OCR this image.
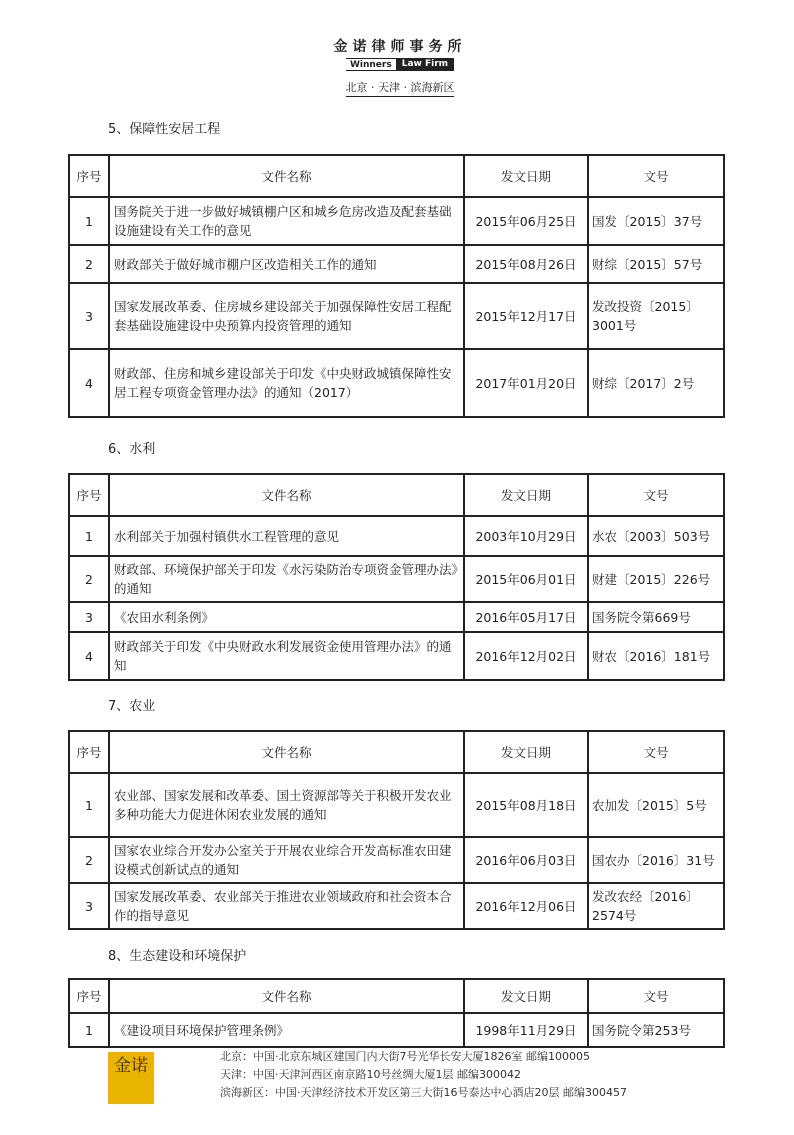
金诺律师事务所
Winners	Law Firm
北京 · 天津 · 滨海新区
5、保障性安居工程
序号	文件名称	发文日期	文号
1	国务院关于进一步做好城镇棚户区和城乡危房改造及配套基础设施建设有关工作的意见	2015年06月25日	国发〔2015〕37号
2	财政部关于做好城市棚户区改造相关工作的通知	2015年08月26日	财综〔2015〕57号
3	国家发展改革委、住房城乡建设部关于加强保障性安居工程配套基础设施建设中央预算内投资管理的通知	2015年12月17日	发改投资〔2015〕3001号
4	财政部、住房和城乡建设部关于印发《中央财政城镇保障性安居工程专项资金管理办法》的通知（2017）	2017年01月20日	财综〔2017〕2号
6、水利
序号	文件名称	发文日期	文号
1	水利部关于加强村镇供水工程管理的意见	2003年10月29日	水农〔2003〕503号
2	财政部、环境保护部关于印发《水污染防治专项资金管理办法》的通知	2015年06月01日	财建〔2015〕226号
3	《农田水利条例》	2016年05月17日	国务院令第669号
4	财政部关于印发《中央财政水利发展资金使用管理办法》的通知	2016年12月02日	财农〔2016〕181号
7、农业
序号	文件名称	发文日期	文号
1	农业部、国家发展和改革委、国土资源部等关于积极开发农业多种功能大力促进休闲农业发展的通知	2015年08月18日	农加发〔2015〕5号
2	国家农业综合开发办公室关于开展农业综合开发高标准农田建设模式创新试点的通知	2016年06月03日	国农办〔2016〕31号
3	国家发展改革委、农业部关于推进农业领域政府和社会资本合作的指导意见	2016年12月06日	发改农经〔2016〕2574号
8、生态建设和环境保护
序号	文件名称	发文日期	文号
1	《建设项目环境保护管理条例》	1998年11月29日	国务院令第253号
金诺	北京：中国·北京东城区建国门内大街7号光华长安大厦1826室 邮编100005
天津：中国·天津河西区南京路10号丝绸大厦1层 邮编300042
滨海新区：中国·天津经济技术开发区第三大街16号泰达中心酒店20层 邮编300457
